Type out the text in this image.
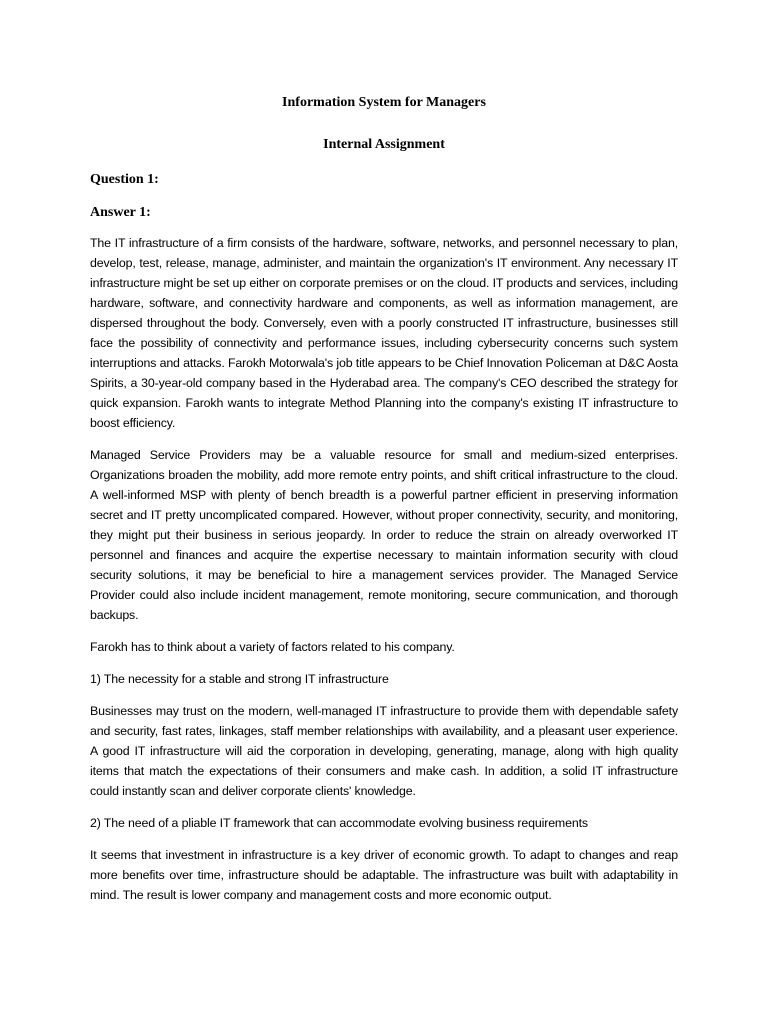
Information System for Managers
Internal Assignment
Question 1:
Answer 1:

The IT infrastructure of a firm consists of the hardware, software, networks, and personnel necessary to plan, develop, test, release, manage, administer, and maintain the organization's IT environment. Any necessary IT infrastructure might be set up either on corporate premises or on the cloud. IT products and services, including hardware, software, and connectivity hardware and components, as well as information management, are dispersed throughout the body. Conversely, even with a poorly constructed IT infrastructure, businesses still face the possibility of connectivity and performance issues, including cybersecurity concerns such system interruptions and attacks. Farokh Motorwala's job title appears to be Chief Innovation Policeman at D&C Aosta Spirits, a 30-year-old company based in the Hyderabad area. The company's CEO described the strategy for quick expansion. Farokh wants to integrate Method Planning into the company's existing IT infrastructure to boost efficiency.

Managed Service Providers may be a valuable resource for small and medium-sized enterprises. Organizations broaden the mobility, add more remote entry points, and shift critical infrastructure to the cloud. A well-informed MSP with plenty of bench breadth is a powerful partner efficient in preserving information secret and IT pretty uncomplicated compared. However, without proper connectivity, security, and monitoring, they might put their business in serious jeopardy. In order to reduce the strain on already overworked IT personnel and finances and acquire the expertise necessary to maintain information security with cloud security solutions, it may be beneficial to hire a management services provider. The Managed Service Provider could also include incident management, remote monitoring, secure communication, and thorough backups.

Farokh has to think about a variety of factors related to his company.

1) The necessity for a stable and strong IT infrastructure

Businesses may trust on the modern, well-managed IT infrastructure to provide them with dependable safety and security, fast rates, linkages, staff member relationships with availability, and a pleasant user experience. A good IT infrastructure will aid the corporation in developing, generating, manage, along with high quality items that match the expectations of their consumers and make cash. In addition, a solid IT infrastructure could instantly scan and deliver corporate clients' knowledge.

2) The need of a pliable IT framework that can accommodate evolving business requirements

It seems that investment in infrastructure is a key driver of economic growth. To adapt to changes and reap more benefits over time, infrastructure should be adaptable. The infrastructure was built with adaptability in mind. The result is lower company and management costs and more economic output.
